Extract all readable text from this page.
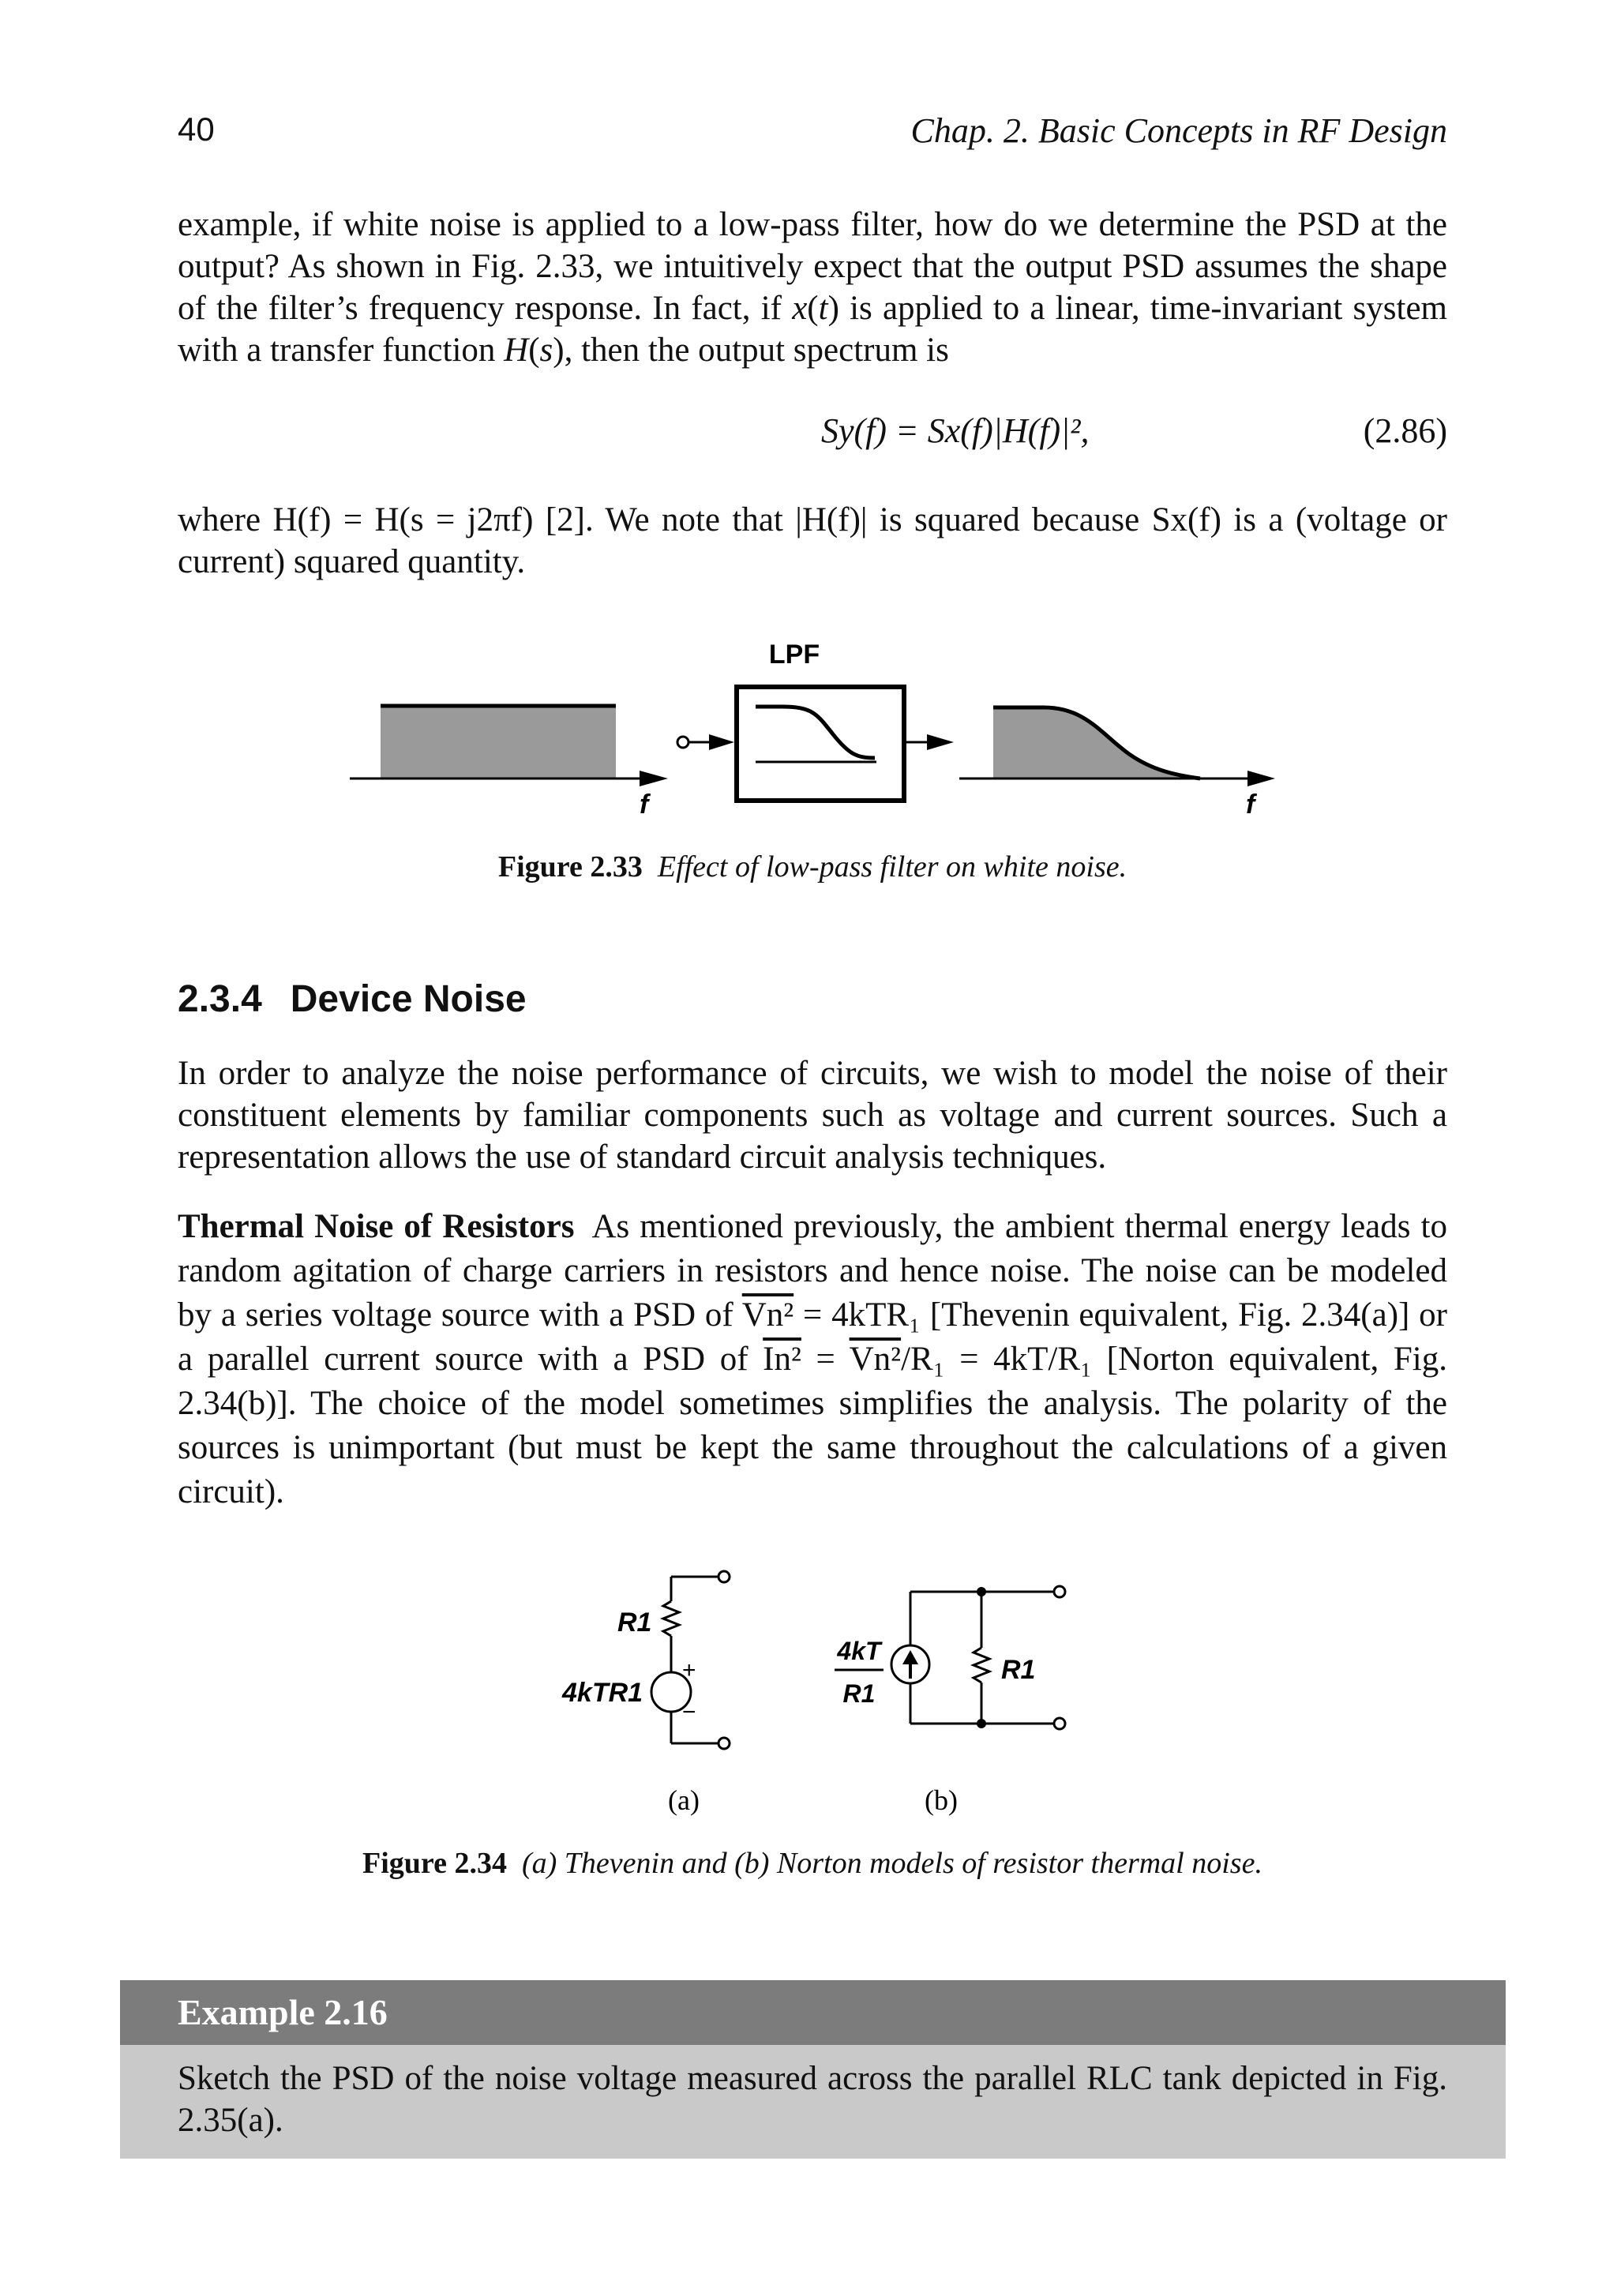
40	Chap. 2. Basic Concepts in RF Design

example, if white noise is applied to a low-pass filter, how do we determine the PSD at the output? As shown in Fig. 2.33, we intuitively expect that the output PSD assumes the shape of the filter’s frequency response. In fact, if x(t) is applied to a linear, time-invariant system with a transfer function H(s), then the output spectrum is

Sy(f) = Sx(f)|H(f)|²,	(2.86)

where H(f) = H(s = j2πf) [2]. We note that |H(f)| is squared because Sx(f) is a (voltage or current) squared quantity.

f
LPF
f
Figure 2.33 Effect of low-pass filter on white noise.
2.3.4 Device Noise

In order to analyze the noise performance of circuits, we wish to model the noise of their constituent elements by familiar components such as voltage and current sources. Such a representation allows the use of standard circuit analysis techniques.

Thermal Noise of Resistors As mentioned previously, the ambient thermal energy leads to random agitation of charge carriers in resistors and hence noise. The noise can be modeled by a series voltage source with a PSD of Vn² = 4kTR₁ [Thevenin equivalent, Fig. 2.34(a)] or a parallel current source with a PSD of In² = Vn²/R₁ = 4kT/R₁ [Norton equivalent, Fig. 2.34(b)]. The choice of the model sometimes simplifies the analysis. The polarity of the sources is unimportant (but must be kept the same throughout the calculations of a given circuit).

R1
4kTR1
+
−
(a)
4kT
R1
R1
(b)
Figure 2.34 (a) Thevenin and (b) Norton models of resistor thermal noise.
Example 2.16
Sketch the PSD of the noise voltage measured across the parallel RLC tank depicted in Fig. 2.35(a).
